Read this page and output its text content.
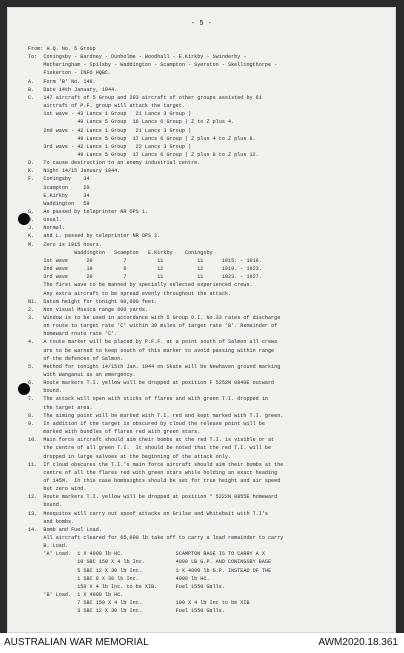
- 5 -
From: H.Q. No. 5 Group
To:  Coningsby - Bardney - Dunholme - Woodhall - E.Kirkby - Swinderby -
Metheringham - Spilsby - Waddington - Scampton - Syerston - Skellingthorpe -
Fiskerton - INFO HQBC.
A.   Form 'B' No. 148.
B.   Date 14th January, 1944.
C.   147 aircraft of 5 Group and 293 aircraft of other groups assisted by 61
aircraft of P.F. group will attack the target.
1st wave - 43 Lancs 1 Group   21 Lancs 3 Group )
49 Lancs 5 Group  16 Lancs 6 Group ) Z to Z plus 4.
2nd wave - 42 Lancs 1 Group   21 Lancs 3 Group )
49 Lancs 5 Group  17 Lancs 6 Group ) Z plus 4 to Z plus 8.
3rd wave - 42 Lancs 1 Group   22 Lancs 3 Group )
49 Lancs 5 Group  17 Lancs 6 Group ) Z plus 8 to Z plus 12.
D.   To cause destruction to an enemy industrial centre.
K.   Night 14/15 January 1944.
F.   Coningsby    34
Scampton     20
E.Kirkby     34
Waddington   59
G.   As passed by teleprinter NR OPS 1.
H.   Usual.
J.   Normal.
K.   and L. passed by teleprinter NR OPS 2.
M.   Zero is 1915 hours.
Waddington   Scampton   E.Kirkby    Coningsby
1st wave      20          7          11           11      1915. - 1919.
2nd wave      19          6          12           12      1919. - 1923.
3rd wave      20          7          11           11      1923. - 1927.
The first wave to be manned by specially selected experienced crews.
Any extra aircraft to be spread evenly throughout the attack.
N1.  Datum height for tonight 90,000 feet.
2.   Non visual Musica range 600 yards.
3.   Window is to be used in accordance with 5 Group O.I. No.33 rates of discharge
on route to target rate 'C' within 30 miles of target rate 'B'. Remainder of
homeward route rate 'C'.
4.   A route marker will be placed by P.F.F. at a point south of Salmon all crews
are to be warned to keep south of this marker to avoid passing within range
of the defences of Salmon.
5.   Method for tonight 14/15th Jan. 1944 on Skate will be Newhaven ground marking
with Wanganui as an emergency.
6.   Route markers T.I. yellow will be dropped at position F 5252N 0840E outward
bound.
7.   The attack will open with sticks of flares and with green T.I. dropped in
the target area.
8.   The aiming point will be marked with T.I. red and kept marked with T.I. green.
9.   In addition if the target is obscured by cloud the release point will be
marked with bundles of flares red with green stars.
10.  Main force aircraft should aim their bombs at the red T.I. is visible or at
the centre of all green T.I.  It should be noted that the red T.I. will be
dropped in large salvoes at the beginning of the attack only.
11.  If cloud obscures the T.I.'s main force aircraft should aim their bombs at the
centre of all the flares red with green stars while holding an exact heading
of 145M.  In this case bombsights should be set for true height and air speed
but zero wind.
12.  Route markers T.I. yellow will be dropped at position * 5222N 0855E homeward
bound.
13.  Mosquitos will carry out spoof attacks on Grilse and Whitebait with T.I's
and bombs.
14.  Bomb and Fuel Load.
All aircraft cleared for 65,000 lb take off to carry a load remainder to carry
B. Load.
'A' Load.  1 X 4000 lb HC.                 SCAMPTON BASE IS TO CARRY A X
10 SBC 150 X 4 lb Inc.          4000 LB G.P. AND CONINGSBY BASE
5 SBC 12 X 30 lb Inc.           1 X 4000 lb G.P. INSTEAD OF THE
1 SBC 8 X 30 lb Inc.            4000 lb HC.
150 X 4 lb Inc. to be XIB.      Fuel 1550 Galls.
'B' Load.  1 X 4000 lb HC.
7 SBC 150 X 4 lb Inc.           100 X 4 lb Inc to be XIB
3 SBC 12 X 30 lb Inc.           Fuel 1550 Galls.
AUSTRALIAN WAR MEMORIAL	AWM2020.18.361
